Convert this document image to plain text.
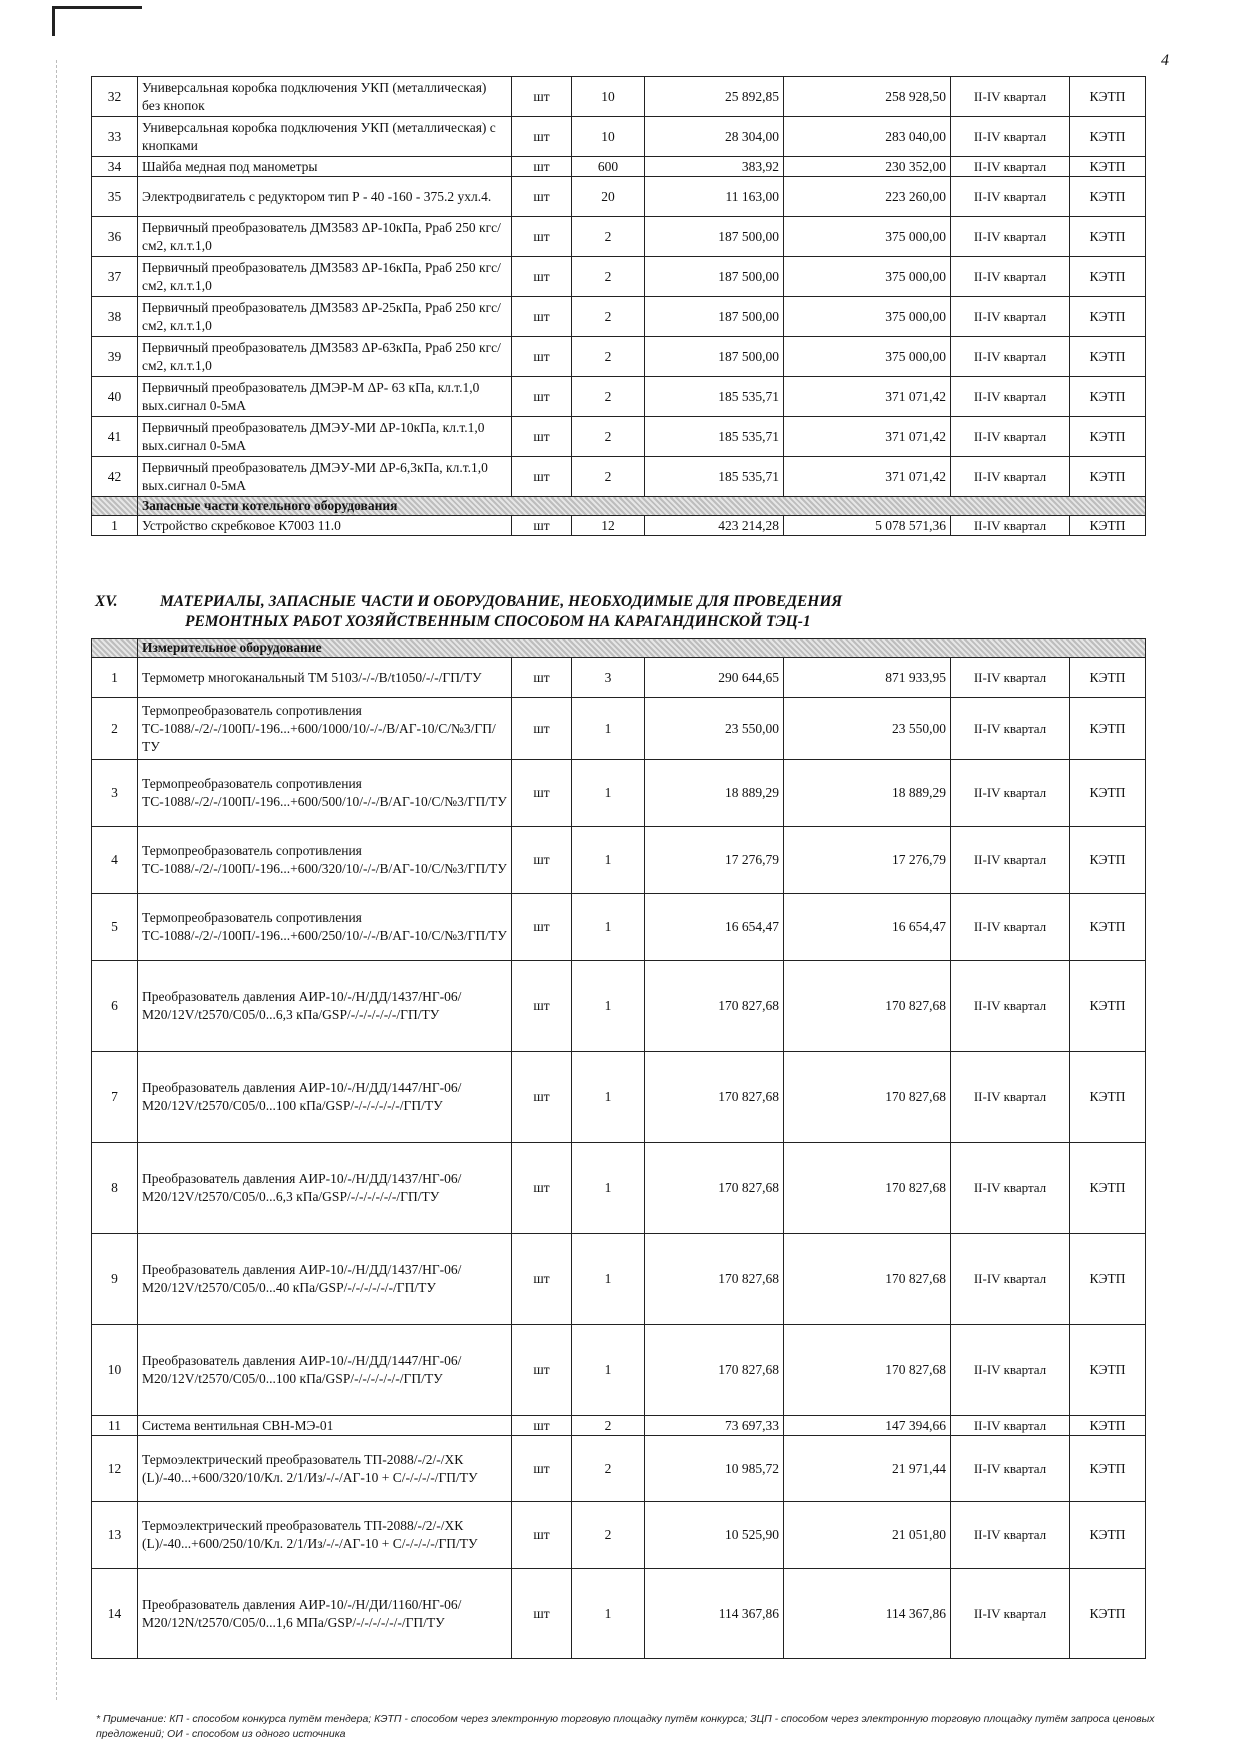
4
32	Универсальная коробка подключения УКП (металлическая) без кнопок	шт	10	25 892,85	258 928,50	II-IV квартал	КЭТП
33	Универсальная коробка подключения УКП (металлическая) с кнопками	шт	10	28 304,00	283 040,00	II-IV квартал	КЭТП
34	Шайба медная под манометры	шт	600	383,92	230 352,00	II-IV квартал	КЭТП
35	Электродвигатель с редуктором тип Р - 40 -160 - 375.2 ухл.4.	шт	20	11 163,00	223 260,00	II-IV квартал	КЭТП
36	Первичный преобразователь ДМ3583 ΔР-10кПа, Рраб 250 кгс/см2, кл.т.1,0	шт	2	187 500,00	375 000,00	II-IV квартал	КЭТП
37	Первичный преобразователь ДМ3583 ΔР-16кПа, Рраб 250 кгс/см2, кл.т.1,0	шт	2	187 500,00	375 000,00	II-IV квартал	КЭТП
38	Первичный преобразователь ДМ3583 ΔР-25кПа, Рраб 250 кгс/см2, кл.т.1,0	шт	2	187 500,00	375 000,00	II-IV квартал	КЭТП
39	Первичный преобразователь ДМ3583 ΔР-63кПа, Рраб 250 кгс/см2, кл.т.1,0	шт	2	187 500,00	375 000,00	II-IV квартал	КЭТП
40	Первичный преобразователь ДМЭР-М ΔР- 63 кПа, кл.т.1,0 вых.сигнал 0-5мА	шт	2	185 535,71	371 071,42	II-IV квартал	КЭТП
41	Первичный преобразователь ДМЭУ-МИ ΔР-10кПа, кл.т.1,0 вых.сигнал 0-5мА	шт	2	185 535,71	371 071,42	II-IV квартал	КЭТП
42	Первичный преобразователь ДМЭУ-МИ ΔР-6,3кПа, кл.т.1,0 вых.сигнал 0-5мА	шт	2	185 535,71	371 071,42	II-IV квартал	КЭТП
	Запасные части котельного оборудования						
1	Устройство скребковое К7003 11.0	шт	12	423 214,28	5 078 571,36	II-IV квартал	КЭТП
XV.	МАТЕРИАЛЫ, ЗАПАСНЫЕ ЧАСТИ И ОБОРУДОВАНИЕ, НЕОБХОДИМЫЕ ДЛЯ ПРОВЕДЕНИЯ
РЕМОНТНЫХ РАБОТ ХОЗЯЙСТВЕННЫМ СПОСОБОМ НА КАРАГАНДИНСКОЙ ТЭЦ-1
	Измерительное оборудование						
1	Термометр многоканальный ТМ 5103/-/-/В/t1050/-/-/ГП/ТУ	шт	3	290 644,65	871 933,95	II-IV квартал	КЭТП
2	Термопреобразователь сопротивления ТС-1088/-/2/-/100П/-196...+600/1000/10/-/-/В/АГ-10/С/№3/ГП/ТУ	шт	1	23 550,00	23 550,00	II-IV квартал	КЭТП
3	Термопреобразователь сопротивления ТС-1088/-/2/-/100П/-196...+600/500/10/-/-/В/АГ-10/С/№3/ГП/ТУ	шт	1	18 889,29	18 889,29	II-IV квартал	КЭТП
4	Термопреобразователь сопротивления ТС-1088/-/2/-/100П/-196...+600/320/10/-/-/В/АГ-10/С/№3/ГП/ТУ	шт	1	17 276,79	17 276,79	II-IV квартал	КЭТП
5	Термопреобразователь сопротивления ТС-1088/-/2/-/100П/-196...+600/250/10/-/-/В/АГ-10/С/№3/ГП/ТУ	шт	1	16 654,47	16 654,47	II-IV квартал	КЭТП
6	Преобразователь давления АИР-10/-/Н/ДД/1437/НГ-06/М20/12V/t2570/С05/0...6,3 кПа/GSP/-/-/-/-/-/-/ГП/ТУ	шт	1	170 827,68	170 827,68	II-IV квартал	КЭТП
7	Преобразователь давления АИР-10/-/Н/ДД/1447/НГ-06/М20/12V/t2570/С05/0...100 кПа/GSP/-/-/-/-/-/-/ГП/ТУ	шт	1	170 827,68	170 827,68	II-IV квартал	КЭТП
8	Преобразователь давления АИР-10/-/Н/ДД/1437/НГ-06/М20/12V/t2570/С05/0...6,3 кПа/GSP/-/-/-/-/-/-/ГП/ТУ	шт	1	170 827,68	170 827,68	II-IV квартал	КЭТП
9	Преобразователь давления АИР-10/-/Н/ДД/1437/НГ-06/М20/12V/t2570/С05/0...40 кПа/GSP/-/-/-/-/-/-/ГП/ТУ	шт	1	170 827,68	170 827,68	II-IV квартал	КЭТП
10	Преобразователь давления АИР-10/-/Н/ДД/1447/НГ-06/М20/12V/t2570/С05/0...100 кПа/GSP/-/-/-/-/-/-/ГП/ТУ	шт	1	170 827,68	170 827,68	II-IV квартал	КЭТП
11	Система вентильная СВН-МЭ-01	шт	2	73 697,33	147 394,66	II-IV квартал	КЭТП
12	Термоэлектрический преобразователь ТП-2088/-/2/-/ХК (L)/-40...+600/320/10/Кл. 2/1/Из/-/-/АГ-10 + С/-/-/-/-/ГП/ТУ	шт	2	10 985,72	21 971,44	II-IV квартал	КЭТП
13	Термоэлектрический преобразователь ТП-2088/-/2/-/ХК (L)/-40...+600/250/10/Кл. 2/1/Из/-/-/АГ-10 + С/-/-/-/-/ГП/ТУ	шт	2	10 525,90	21 051,80	II-IV квартал	КЭТП
14	Преобразователь давления АИР-10/-/Н/ДИ/1160/НГ-06/М20/12N/t2570/С05/0...1,6 МПа/GSP/-/-/-/-/-/-/ГП/ТУ	шт	1	114 367,86	114 367,86	II-IV квартал	КЭТП
* Примечание: КП - способом конкурса путём тендера; КЭТП - способом через электронную торговую площадку путём конкурса; ЗЦП - способом через электронную торговую площадку путём запроса ценовых предложений; ОИ - способом из одного источника
